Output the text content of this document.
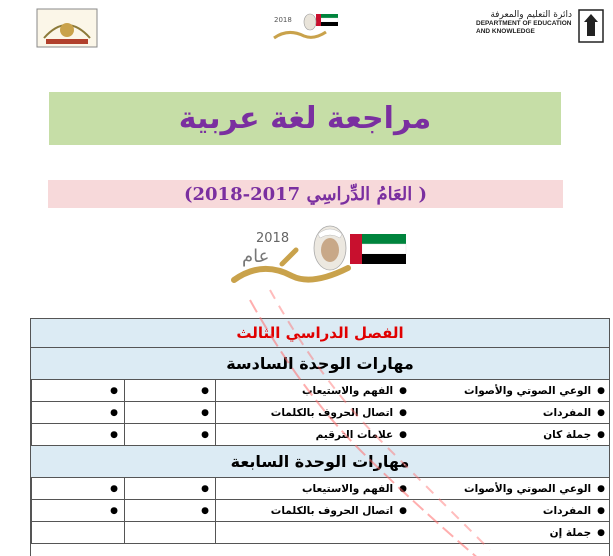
دائرة التعليم والمعرفة
DEPARTMENT OF EDUCATION
AND KNOWLEDGE
2018
مراجعة لغة عربية
( العَامُ الدِّراسِي 2017-2018)
2018
عام
الفصل الدراسي الثالث
مهارات الوحدة السادسة
●
الوعي الصوتي والأصوات
●
الفهم والاستيعاب
●
●
●
المفردات
●
اتصال الحروف بالكلمات
●
●
●
جملة كان
●
علامات الترقيم
●
●
مهارات الوحدة السابعة
●
الوعي الصوتي والأصوات
●
الفهم والاستيعاب
●
●
●
المفردات
●
اتصال الحروف بالكلمات
●
●
●
جملة إن
